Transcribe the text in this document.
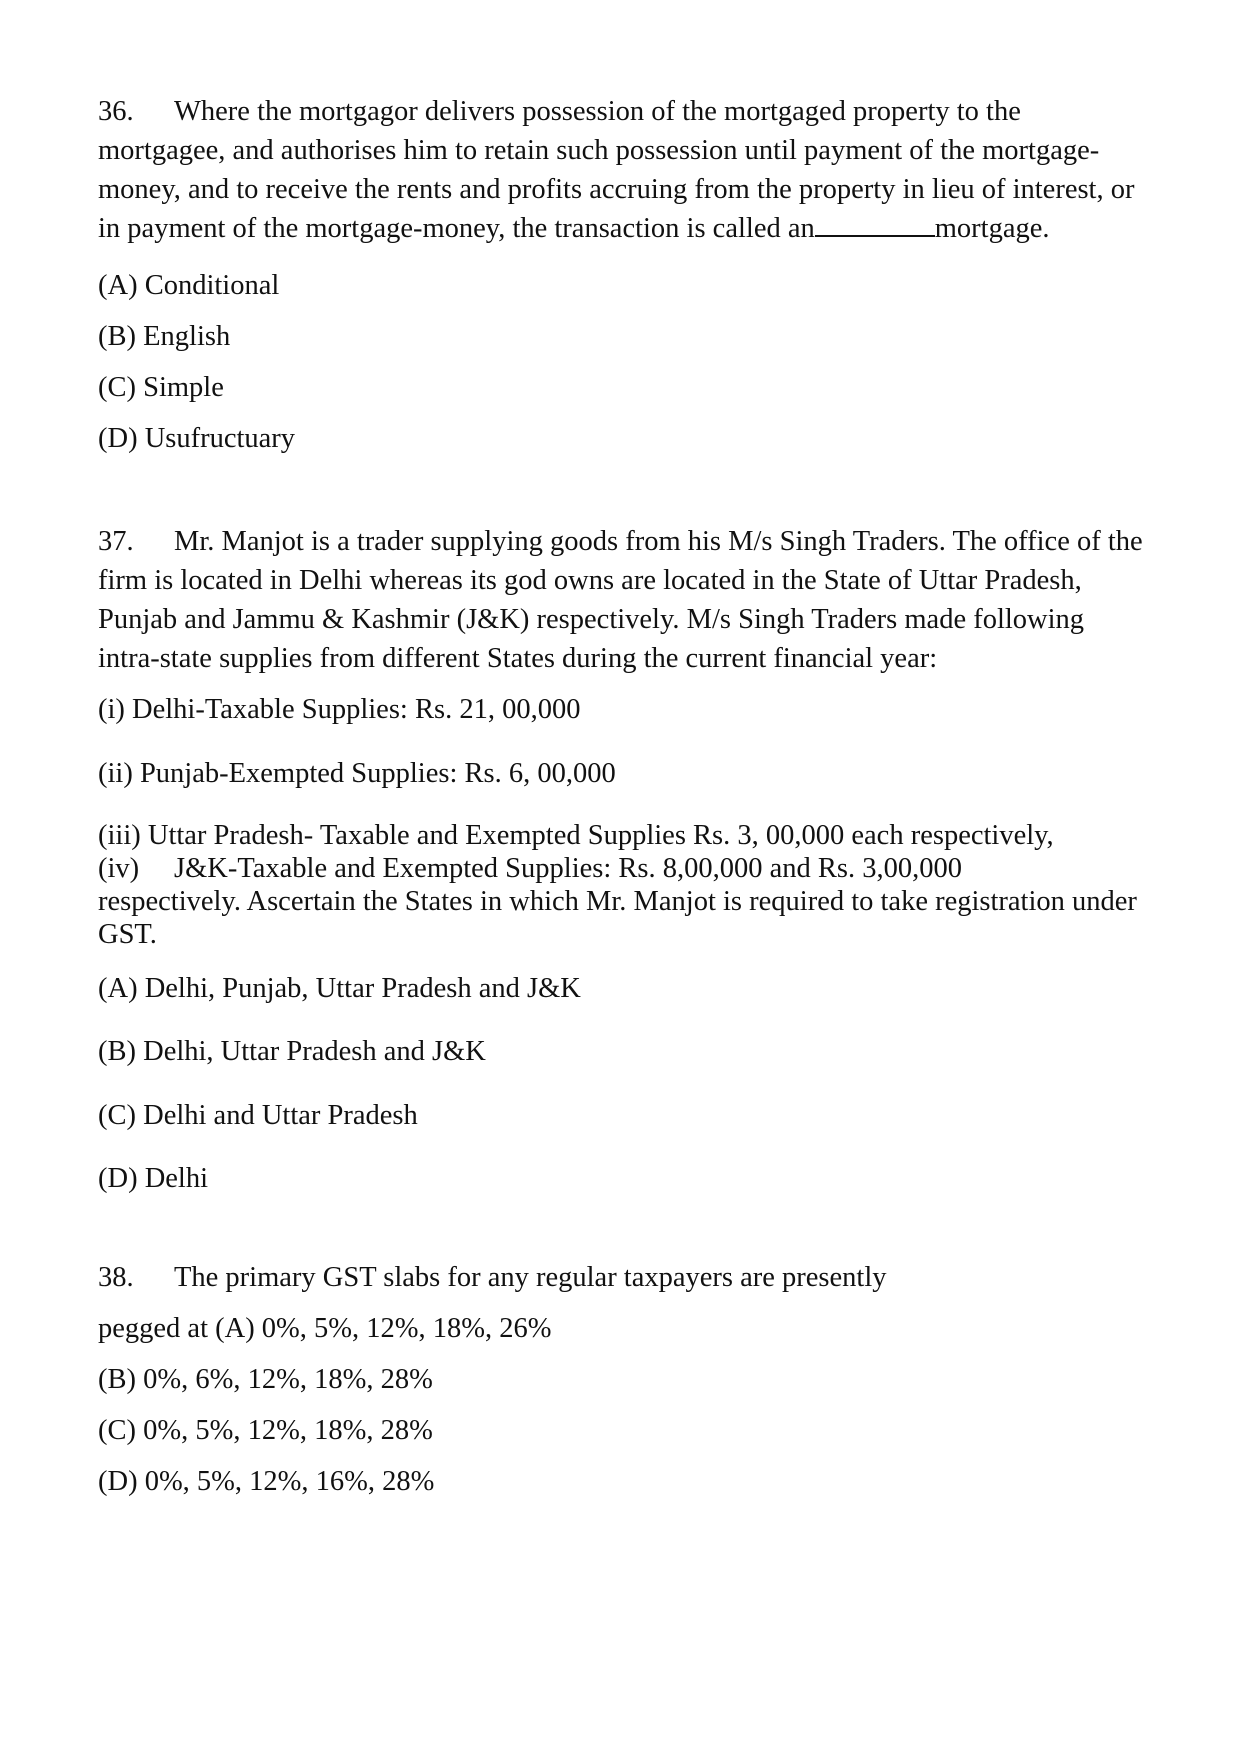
36. Where the mortgagor delivers possession of the mortgaged property to the mortgagee, and authorises him to retain such possession until payment of the mortgage-money, and to receive the rents and profits accruing from the property in lieu of interest, or in payment of the mortgage-money, the transaction is called an	mortgage.

(A) Conditional

(B) English

(C) Simple

(D) Usufructuary

37. Mr. Manjot is a trader supplying goods from his M/s Singh Traders. The office of the firm is located in Delhi whereas its god owns are located in the State of Uttar Pradesh, Punjab and Jammu & Kashmir (J&K) respectively. M/s Singh Traders made following intra-state supplies from different States during the current financial year:

(i) Delhi-Taxable Supplies: Rs. 21, 00,000

(ii) Punjab-Exempted Supplies: Rs. 6, 00,000

(iii) Uttar Pradesh- Taxable and Exempted Supplies Rs. 3, 00,000 each respectively,

(iv) J&K-Taxable and Exempted Supplies: Rs. 8,00,000 and Rs. 3,00,000

respectively. Ascertain the States in which Mr. Manjot is required to take registration under GST.

(A) Delhi, Punjab, Uttar Pradesh and J&K

(B) Delhi, Uttar Pradesh and J&K

(C) Delhi and Uttar Pradesh

(D) Delhi

38. The primary GST slabs for any regular taxpayers are presently

pegged at (A) 0%, 5%, 12%, 18%, 26%

(B) 0%, 6%, 12%, 18%, 28%

(C) 0%, 5%, 12%, 18%, 28%

(D) 0%, 5%, 12%, 16%, 28%
